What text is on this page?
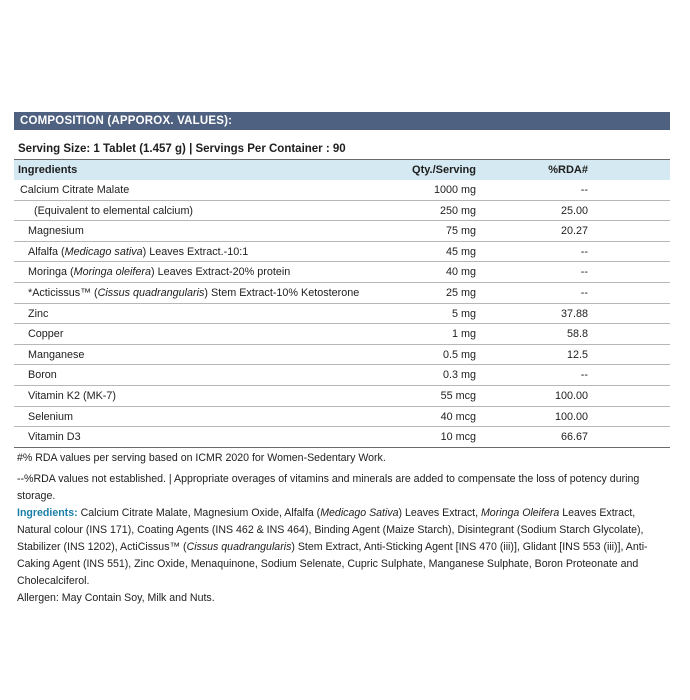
COMPOSITION (APPOROX. VALUES):
Serving Size: 1 Tablet (1.457 g) | Servings Per Container : 90
Ingredients	Qty./Serving	%RDA#
Calcium Citrate Malate	1000 mg	--
(Equivalent to elemental calcium)	250 mg	25.00
Magnesium	75 mg	20.27
Alfalfa (Medicago sativa) Leaves Extract.-10:1	45 mg	--
Moringa (Moringa oleifera) Leaves Extract-20% protein	40 mg	--
*Acticissus™ (Cissus quadrangularis) Stem Extract-10% Ketosterone	25 mg	--
Zinc	5 mg	37.88
Copper	1 mg	58.8
Manganese	0.5 mg	12.5
Boron	0.3 mg	--
Vitamin K2 (MK-7)	55 mcg	100.00
Selenium	40 mcg	100.00
Vitamin D3	10 mcg	66.67

#% RDA values per serving based on ICMR 2020 for Women-Sedentary Work.

--%RDA values not established. | Appropriate overages of vitamins and minerals are added to compensate the loss of potency during storage.

Ingredients: Calcium Citrate Malate, Magnesium Oxide, Alfalfa (Medicago Sativa) Leaves Extract, Moringa Oleifera Leaves Extract, Natural colour (INS 171), Coating Agents (INS 462 & INS 464), Binding Agent (Maize Starch), Disintegrant (Sodium Starch Glycolate), Stabilizer (INS 1202), ActiCissus™ (Cissus quadrangularis) Stem Extract, Anti-Sticking Agent [INS 470 (iii)], Glidant [INS 553 (iii)], Anti-Caking Agent (INS 551), Zinc Oxide, Menaquinone, Sodium Selenate, Cupric Sulphate, Manganese Sulphate, Boron Proteonate and Cholecalciferol.

Allergen: May Contain Soy, Milk and Nuts.
